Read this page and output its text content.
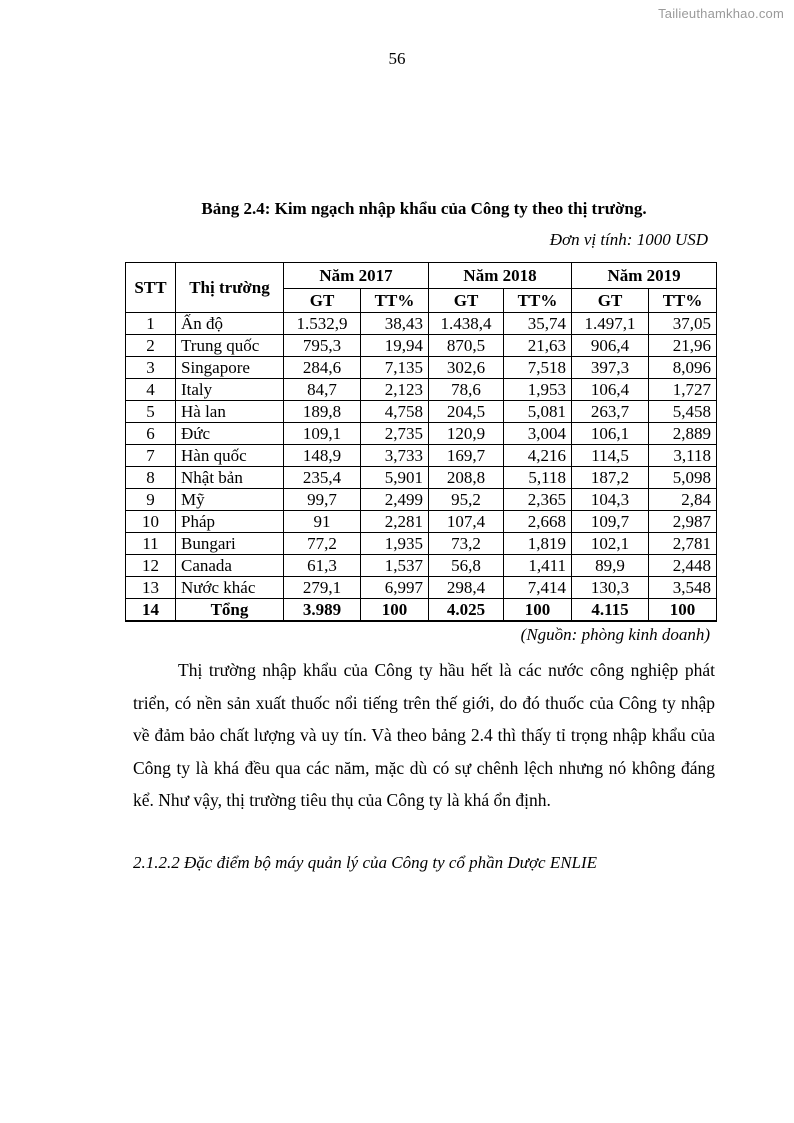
Tailieuthamkhao.com
56
Bảng 2.4: Kim ngạch nhập khẩu của Công ty theo thị trường.
Đơn vị tính: 1000 USD
STT	Thị trường	Năm 2017		Năm 2018		Năm 2019	
		GT	TT%	GT	TT%	GT	TT%
1	Ấn độ	1.532,9	38,43	1.438,4	35,74	1.497,1	37,05
2	Trung quốc	795,3	19,94	870,5	21,63	906,4	21,96
3	Singapore	284,6	7,135	302,6	7,518	397,3	8,096
4	Italy	84,7	2,123	78,6	1,953	106,4	1,727
5	Hà lan	189,8	4,758	204,5	5,081	263,7	5,458
6	Đức	109,1	2,735	120,9	3,004	106,1	2,889
7	Hàn quốc	148,9	3,733	169,7	4,216	114,5	3,118
8	Nhật bản	235,4	5,901	208,8	5,118	187,2	5,098
9	Mỹ	99,7	2,499	95,2	2,365	104,3	2,84
10	Pháp	91	2,281	107,4	2,668	109,7	2,987
11	Bungari	77,2	1,935	73,2	1,819	102,1	2,781
12	Canada	61,3	1,537	56,8	1,411	89,9	2,448
13	Nước khác	279,1	6,997	298,4	7,414	130,3	3,548
14	Tổng	3.989	100	4.025	100	4.115	100
(Nguồn: phòng kinh doanh)

Thị trường nhập khẩu của Công ty hầu hết là các nước công nghiệp phát triển, có nền sản xuất thuốc nổi tiếng trên thế giới, do đó thuốc của Công ty nhập về đảm bảo chất lượng và uy tín. Và theo bảng 2.4 thì thấy tỉ trọng nhập khẩu của Công ty là khá đều qua các năm, mặc dù có sự chênh lệch nhưng nó không đáng kể. Như vậy, thị trường tiêu thụ của Công ty là khá ổn định.

2.1.2.2 Đặc điểm bộ máy quản lý của Công ty cổ phần Dược ENLIE
